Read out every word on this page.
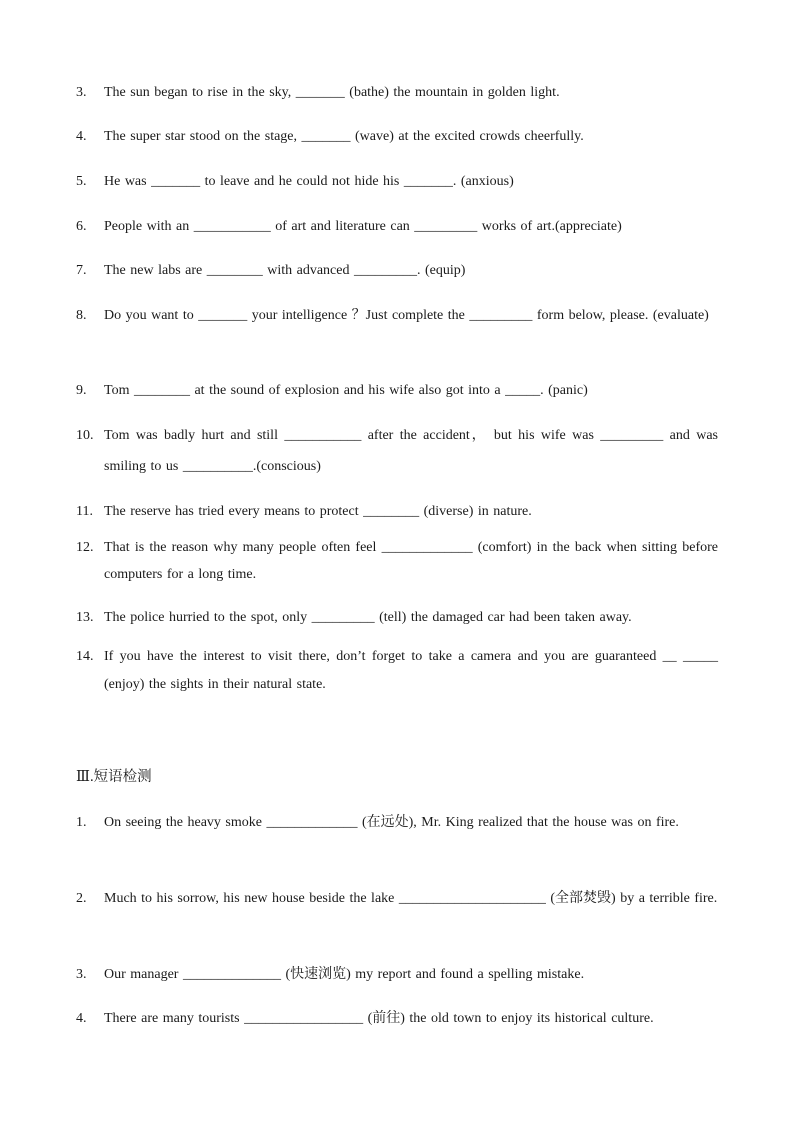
3.	The sun began to rise in the sky, _______ (bathe) the mountain in golden light.
4.	The super star stood on the stage, _______ (wave) at the excited crowds cheerfully.
5.	He was _______ to leave and he could not hide his _______. (anxious)
6.	People with an ___________ of art and literature can _________ works of art.(appreciate)
7.	The new labs are ________ with advanced _________. (equip)
8.	Do you want to _______ your intelligence ？Just complete the _________ form below, please. (evaluate)
9.	Tom ________ at the sound of explosion and his wife also got into a _____. (panic)
10. Tom was badly hurt and still ___________ after the accident， but his wife was _________ and was smiling to us __________.(conscious)
11. The reserve has tried every means to protect ________ (diverse) in nature.
12. That is the reason why many people often feel _____________ (comfort) in the back when sitting before computers for a long time.
13. The police hurried to the spot, only _________ (tell) the damaged car had been taken away.
14. If you have the interest to visit there, don’t forget to take a camera and you are guaranteed __ _____ (enjoy) the sights in their natural state.
Ⅲ.短语检测
1.	On seeing the heavy smoke _____________ (在远处), Mr. King realized that the house was on fire.
2.	Much to his sorrow, his new house beside the lake _____________________ (全部焚毁) by a terrible fire.
3.	Our manager ______________ (快速浏览) my report and found a spelling mistake.
4.	There are many tourists _________________ (前往) the old town to enjoy its historical culture.
